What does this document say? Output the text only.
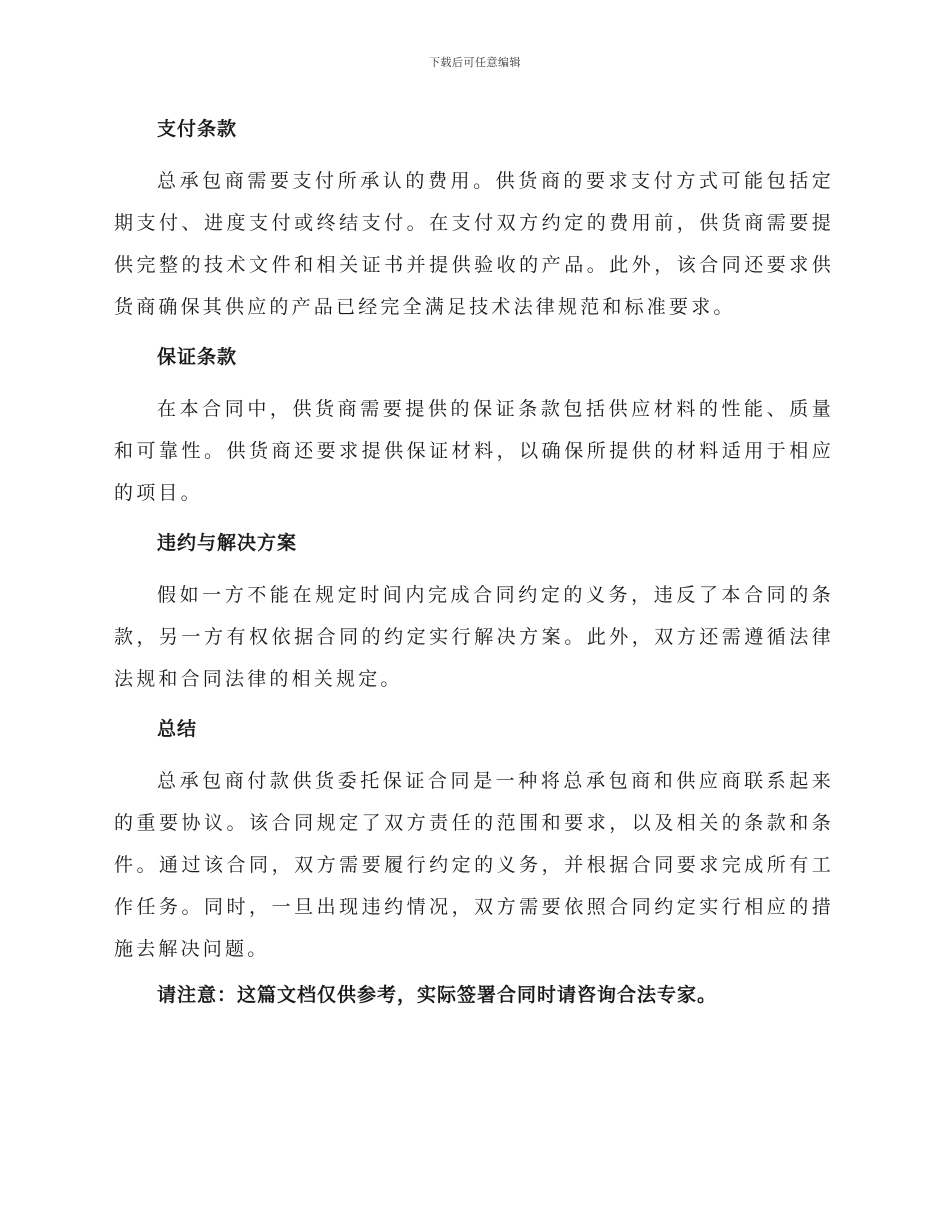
下载后可任意编辑
支付条款

总承包商需要支付所承认的费用。供货商的要求支付方式可能包括定期支付、进度支付或终结支付。在支付双方约定的费用前，供货商需要提供完整的技术文件和相关证书并提供验收的产品。此外，该合同还要求供货商确保其供应的产品已经完全满足技术法律规范和标准要求。

保证条款

在本合同中，供货商需要提供的保证条款包括供应材料的性能、质量和可靠性。供货商还要求提供保证材料，以确保所提供的材料适用于相应的项目。

违约与解决方案

假如一方不能在规定时间内完成合同约定的义务，违反了本合同的条款，另一方有权依据合同的约定实行解决方案。此外，双方还需遵循法律法规和合同法律的相关规定。

总结

总承包商付款供货委托保证合同是一种将总承包商和供应商联系起来的重要协议。该合同规定了双方责任的范围和要求，以及相关的条款和条件。通过该合同，双方需要履行约定的义务，并根据合同要求完成所有工作任务。同时，一旦出现违约情况，双方需要依照合同约定实行相应的措施去解决问题。

请注意：这篇文档仅供参考，实际签署合同时请咨询合法专家。
